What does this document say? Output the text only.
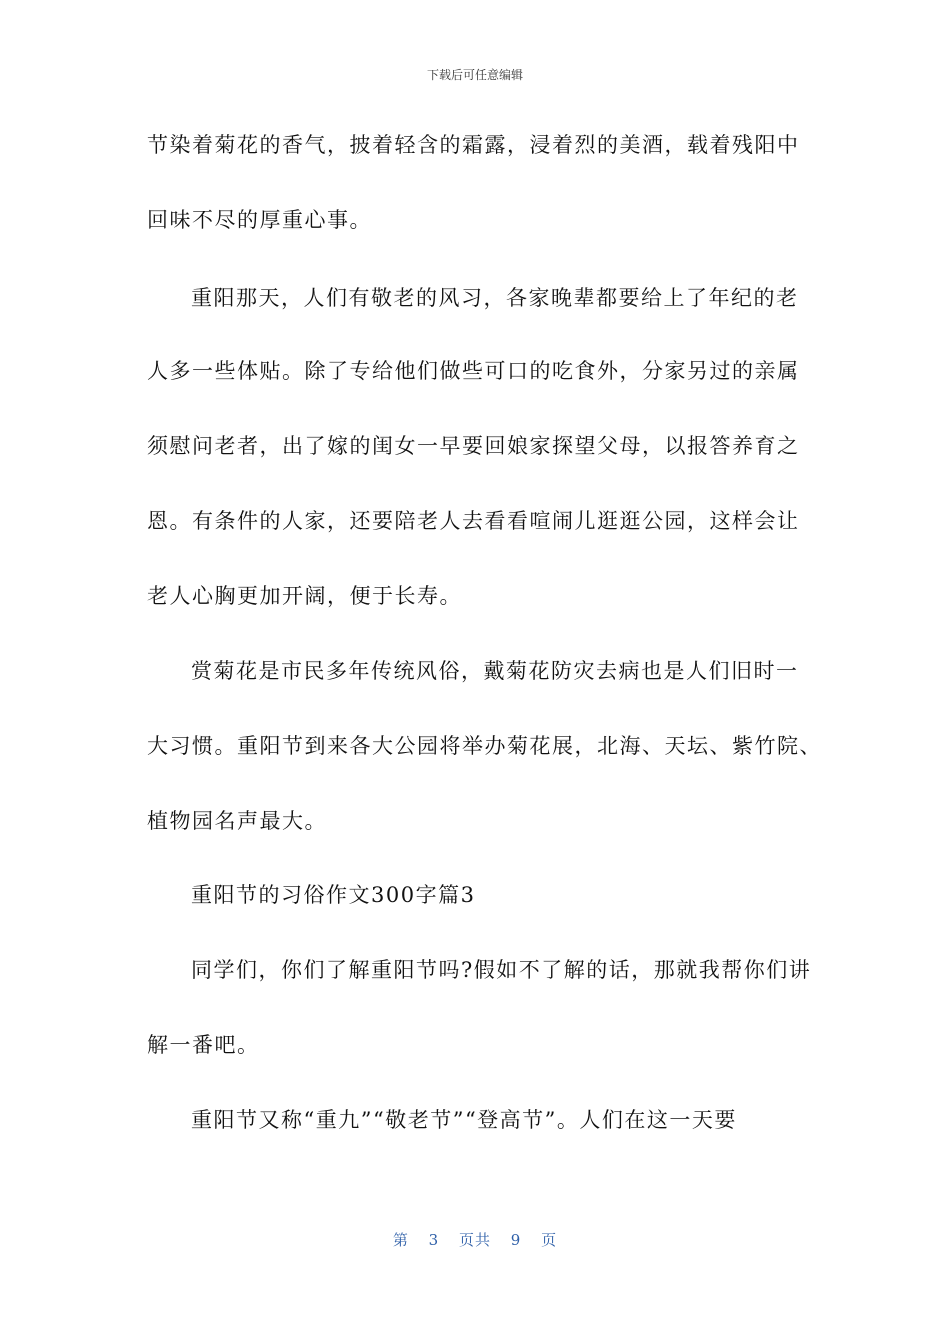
下载后可任意编辑
节染着菊花的香气，披着轻含的霜露，浸着烈的美酒，载着残阳中
回味不尽的厚重心事。
重阳那天，人们有敬老的风习，各家晚辈都要给上了年纪的老
人多一些体贴。除了专给他们做些可口的吃食外，分家另过的亲属
须慰问老者，出了嫁的闺女一早要回娘家探望父母，以报答养育之
恩。有条件的人家，还要陪老人去看看喧闹儿逛逛公园，这样会让
老人心胸更加开阔，便于长寿。
赏菊花是市民多年传统风俗，戴菊花防灾去病也是人们旧时一
大习惯。重阳节到来各大公园将举办菊花展，北海、天坛、紫竹院、
植物园名声最大。
重阳节的习俗作文300字篇3
同学们，你们了解重阳节吗?假如不了解的话，那就我帮你们讲
解一番吧。
重阳节又称“重九”“敬老节”“登高节”。人们在这一天要
第 3 页共 9 页
